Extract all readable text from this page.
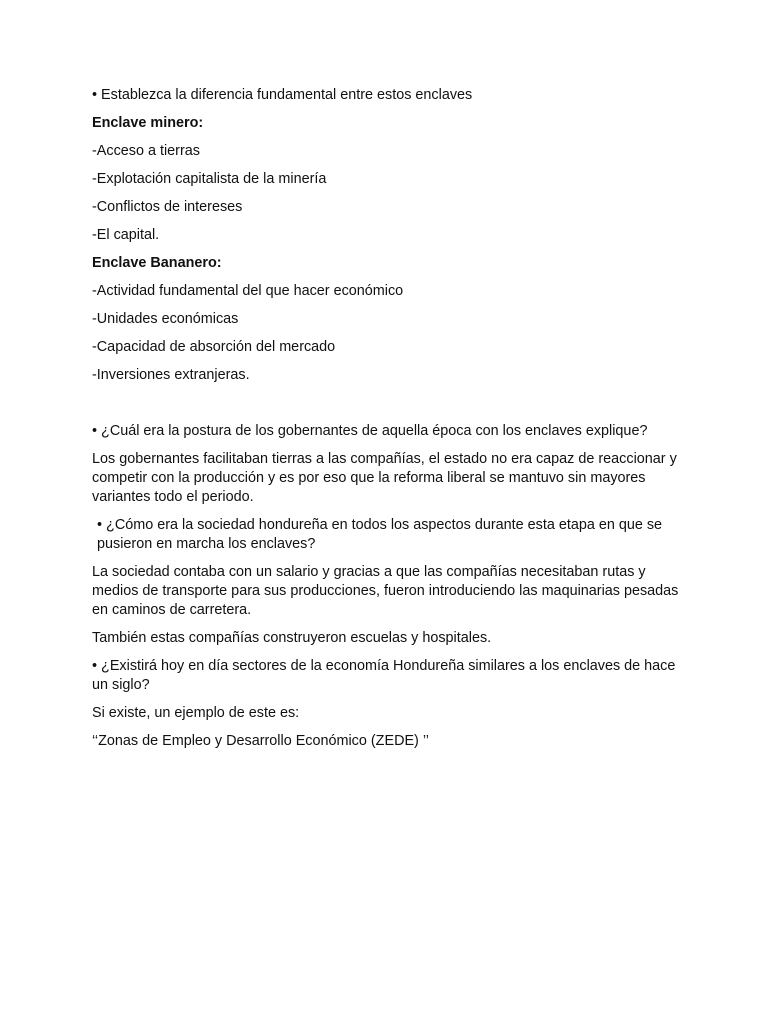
• Establezca la diferencia fundamental entre estos enclaves

Enclave minero:

-Acceso a tierras

-Explotación capitalista de la minería

-Conflictos de intereses

-El capital.

Enclave Bananero:

-Actividad fundamental del que hacer económico

-Unidades económicas

-Capacidad de absorción del mercado

-Inversiones extranjeras.

• ¿Cuál era la postura de los gobernantes de aquella época con los enclaves explique?

Los gobernantes facilitaban tierras a las compañías, el estado no era capaz de reaccionar y competir con la producción y es por eso que la reforma liberal se mantuvo sin mayores variantes todo el periodo.

• ¿Cómo era la sociedad hondureña en todos los aspectos durante esta etapa en que se pusieron en marcha los enclaves?

La sociedad contaba con un salario y gracias a que las compañías necesitaban rutas y medios de transporte para sus producciones, fueron introduciendo las maquinarias pesadas en caminos de carretera.

También estas compañías construyeron escuelas y hospitales.

• ¿Existirá hoy en día sectores de la economía Hondureña similares a los enclaves de hace un siglo?

Si existe, un ejemplo de este es:

‘‘Zonas de Empleo y Desarrollo Económico (ZEDE) ’’
